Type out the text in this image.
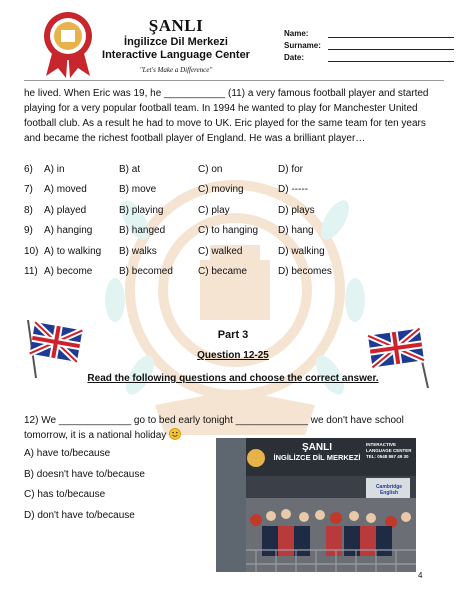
ŞANLI
İngilizce Dil Merkezi
Interactive Language Center
"Let's Make a Difference"
Name:
Surname:
Date:
he lived. When Eric was 19, he ___________ (11) a very famous football player and started playing for a very popular football team. In 1994 he wanted to play for Manchester United football club. As a result he had to move to UK. Eric played for the same team for ten years and became the richest football player of England. He was a brilliant player…
6) A) in	B) at	C) on	D) for
7) A) moved	B) move	C) moving	D) -----
8) A) played	B) playing	C) play	D) plays
9) A) hanging	B) hanged	C) to hanging D) hang
10) A) to walking B) walks	C) walked	D) walking
11) A) become	B) becomed	C) became	D) becomes
Part 3
Question 12-25
Read the following questions and choose the correct answer.
12) We _____________ go to bed early tonight _____________ we don't have school tomorrow, it is a national holiday
A) have to/because
B) doesn't have to/because
C) has to/because
D) don't have to/because
ŞANLI
İNGİLİZCE DİL MERKEZİ
INTERACTIVE
LANGUAGE CENTER
TEL: 0548 867 49 30
Cambridge English
4
